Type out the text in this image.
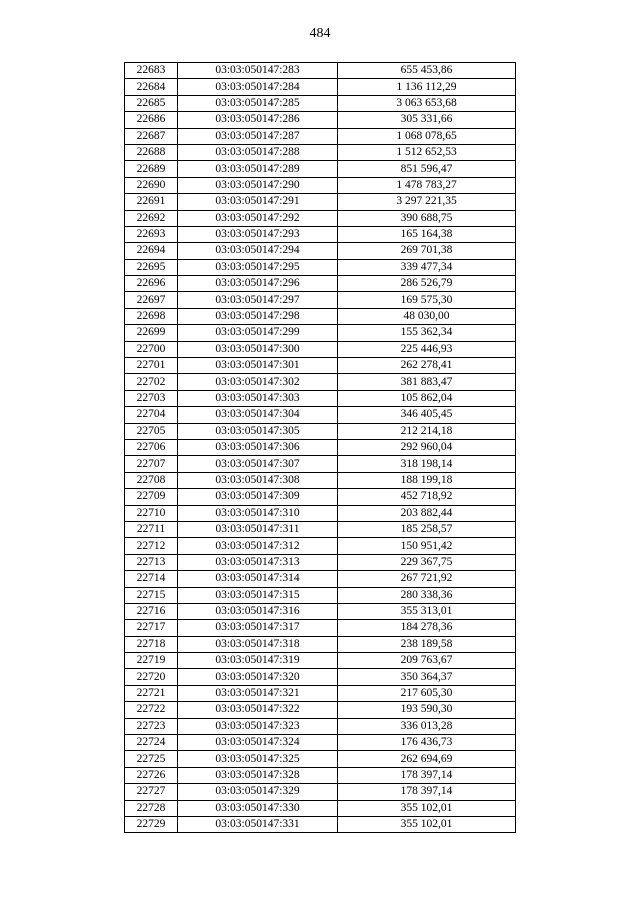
484
22683	03:03:050147:283	655 453,86
22684	03:03:050147:284	1 136 112,29
22685	03:03:050147:285	3 063 653,68
22686	03:03:050147:286	305 331,66
22687	03:03:050147:287	1 068 078,65
22688	03:03:050147:288	1 512 652,53
22689	03:03:050147:289	851 596,47
22690	03:03:050147:290	1 478 783,27
22691	03:03:050147:291	3 297 221,35
22692	03:03:050147:292	390 688,75
22693	03:03:050147:293	165 164,38
22694	03:03:050147:294	269 701,38
22695	03:03:050147:295	339 477,34
22696	03:03:050147:296	286 526,79
22697	03:03:050147:297	169 575,30
22698	03:03:050147:298	48 030,00
22699	03:03:050147:299	155 362,34
22700	03:03:050147:300	225 446,93
22701	03:03:050147:301	262 278,41
22702	03:03:050147:302	381 883,47
22703	03:03:050147:303	105 862,04
22704	03:03:050147:304	346 405,45
22705	03:03:050147:305	212 214,18
22706	03:03:050147:306	292 960,04
22707	03:03:050147:307	318 198,14
22708	03:03:050147:308	188 199,18
22709	03:03:050147:309	452 718,92
22710	03:03:050147:310	203 882,44
22711	03:03:050147:311	185 258,57
22712	03:03:050147:312	150 951,42
22713	03:03:050147:313	229 367,75
22714	03:03:050147:314	267 721,92
22715	03:03:050147:315	280 338,36
22716	03:03:050147:316	355 313,01
22717	03:03:050147:317	184 278,36
22718	03:03:050147:318	238 189,58
22719	03:03:050147:319	209 763,67
22720	03:03:050147:320	350 364,37
22721	03:03:050147:321	217 605,30
22722	03:03:050147:322	193 590,30
22723	03:03:050147:323	336 013,28
22724	03:03:050147:324	176 436,73
22725	03:03:050147:325	262 694,69
22726	03:03:050147:328	178 397,14
22727	03:03:050147:329	178 397,14
22728	03:03:050147:330	355 102,01
22729	03:03:050147:331	355 102,01
